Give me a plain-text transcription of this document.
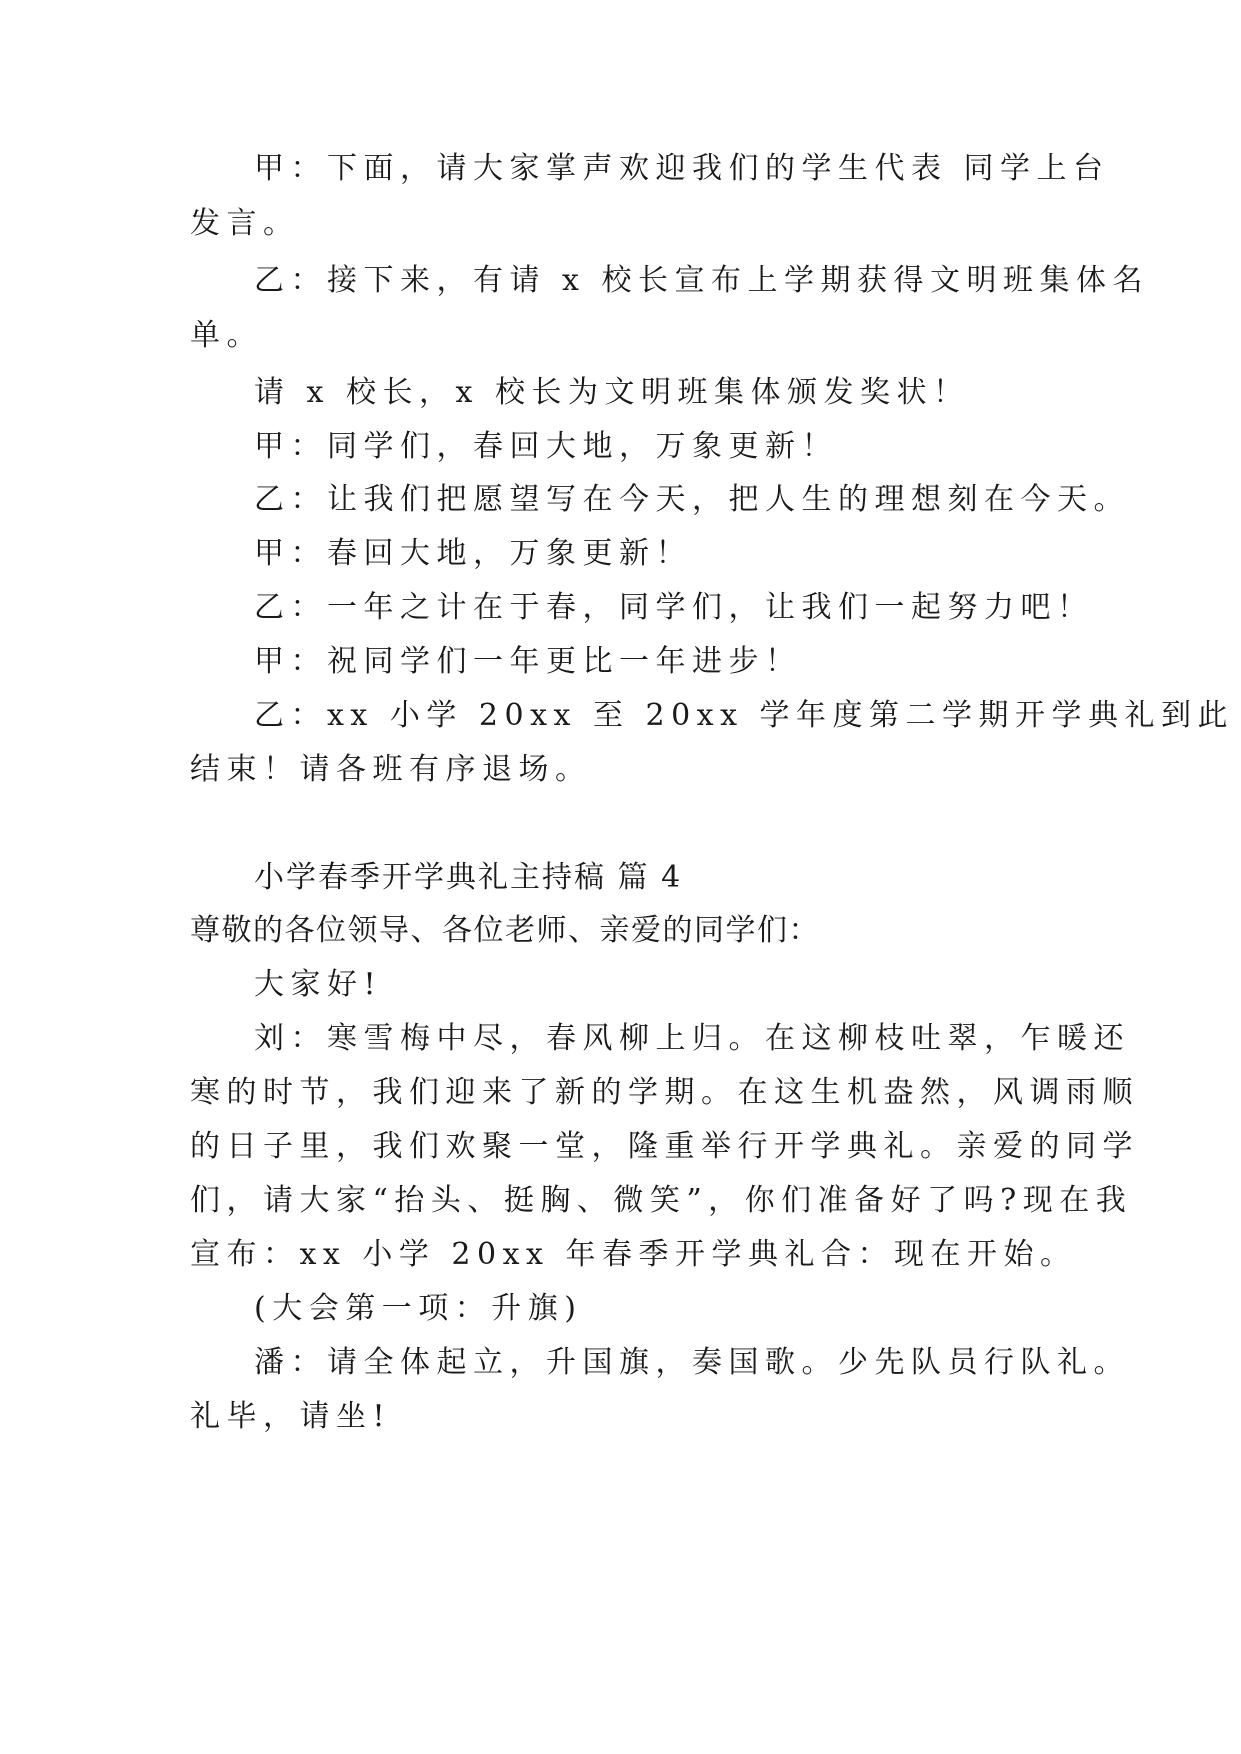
甲：下面，请大家掌声欢迎我们的学生代表 同学上台
发言。
乙：接下来，有请 x 校长宣布上学期获得文明班集体名
单。
请 x 校长，x 校长为文明班集体颁发奖状！
甲：同学们，春回大地，万象更新！
乙：让我们把愿望写在今天，把人生的理想刻在今天。
甲：春回大地，万象更新！
乙：一年之计在于春，同学们，让我们一起努力吧！
甲：祝同学们一年更比一年进步！
乙：xx 小学 20xx 至 20xx 学年度第二学期开学典礼到此
结束！请各班有序退场。
小学春季开学典礼主持稿 篇 4
尊敬的各位领导、各位老师、亲爱的同学们：
大家好!
刘：寒雪梅中尽，春风柳上归。在这柳枝吐翠，乍暖还
寒的时节，我们迎来了新的学期。在这生机盎然，风调雨顺
的日子里，我们欢聚一堂，隆重举行开学典礼。亲爱的同学
们，请大家“抬头、挺胸、微笑”，你们准备好了吗?现在我
宣布：xx 小学 20xx 年春季开学典礼合：现在开始。
(大会第一项：升旗)
潘：请全体起立，升国旗，奏国歌。少先队员行队礼。
礼毕，请坐!
